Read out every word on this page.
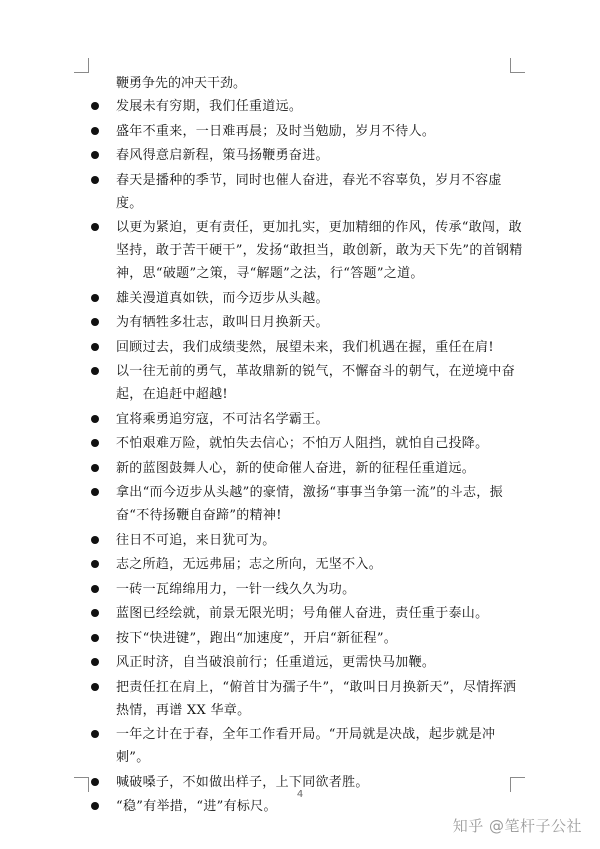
鞭勇争先的冲天干劲。

发展未有穷期，我们任重道远。
盛年不重来，一日难再晨；及时当勉励，岁月不待人。
春风得意启新程，策马扬鞭勇奋进。
春天是播种的季节，同时也催人奋进，春光不容辜负，岁月不容虚度。
以更为紧迫，更有责任，更加扎实，更加精细的作风，传承“敢闯，敢坚持，敢于苦干硬干”，发扬“敢担当，敢创新，敢为天下先”的首钢精神，思“破题”之策，寻“解题”之法，行“答题”之道。
雄关漫道真如铁，而今迈步从头越。
为有牺牲多壮志，敢叫日月换新天。
回顾过去，我们成绩斐然，展望未来，我们机遇在握，重任在肩!
以一往无前的勇气，革故鼎新的锐气，不懈奋斗的朝气，在逆境中奋起，在追赶中超越!
宜将乘勇追穷寇，不可沽名学霸王。
不怕艰难万险，就怕失去信心；不怕万人阻挡，就怕自己投降。
新的蓝图鼓舞人心，新的使命催人奋进，新的征程任重道远。
拿出“而今迈步从头越”的豪情，激扬“事事当争第一流”的斗志，振奋“不待扬鞭自奋蹄”的精神!
往日不可追，来日犹可为。
志之所趋，无远弗届；志之所向，无坚不入。
一砖一瓦绵绵用力，一针一线久久为功。
蓝图已经绘就，前景无限光明；号角催人奋进，责任重于泰山。
按下“快进键”，跑出“加速度”，开启“新征程”。
风正时济，自当破浪前行；任重道远，更需快马加鞭。
把责任扛在肩上，“俯首甘为孺子牛”，“敢叫日月换新天”，尽情挥洒热情，再谱 XX 华章。
一年之计在于春，全年工作看开局。“开局就是决战，起步就是冲刺”。
喊破嗓子，不如做出样子，上下同欲者胜。
“稳”有举措，“进”有标尺。
4
知乎 @笔杆子公社
